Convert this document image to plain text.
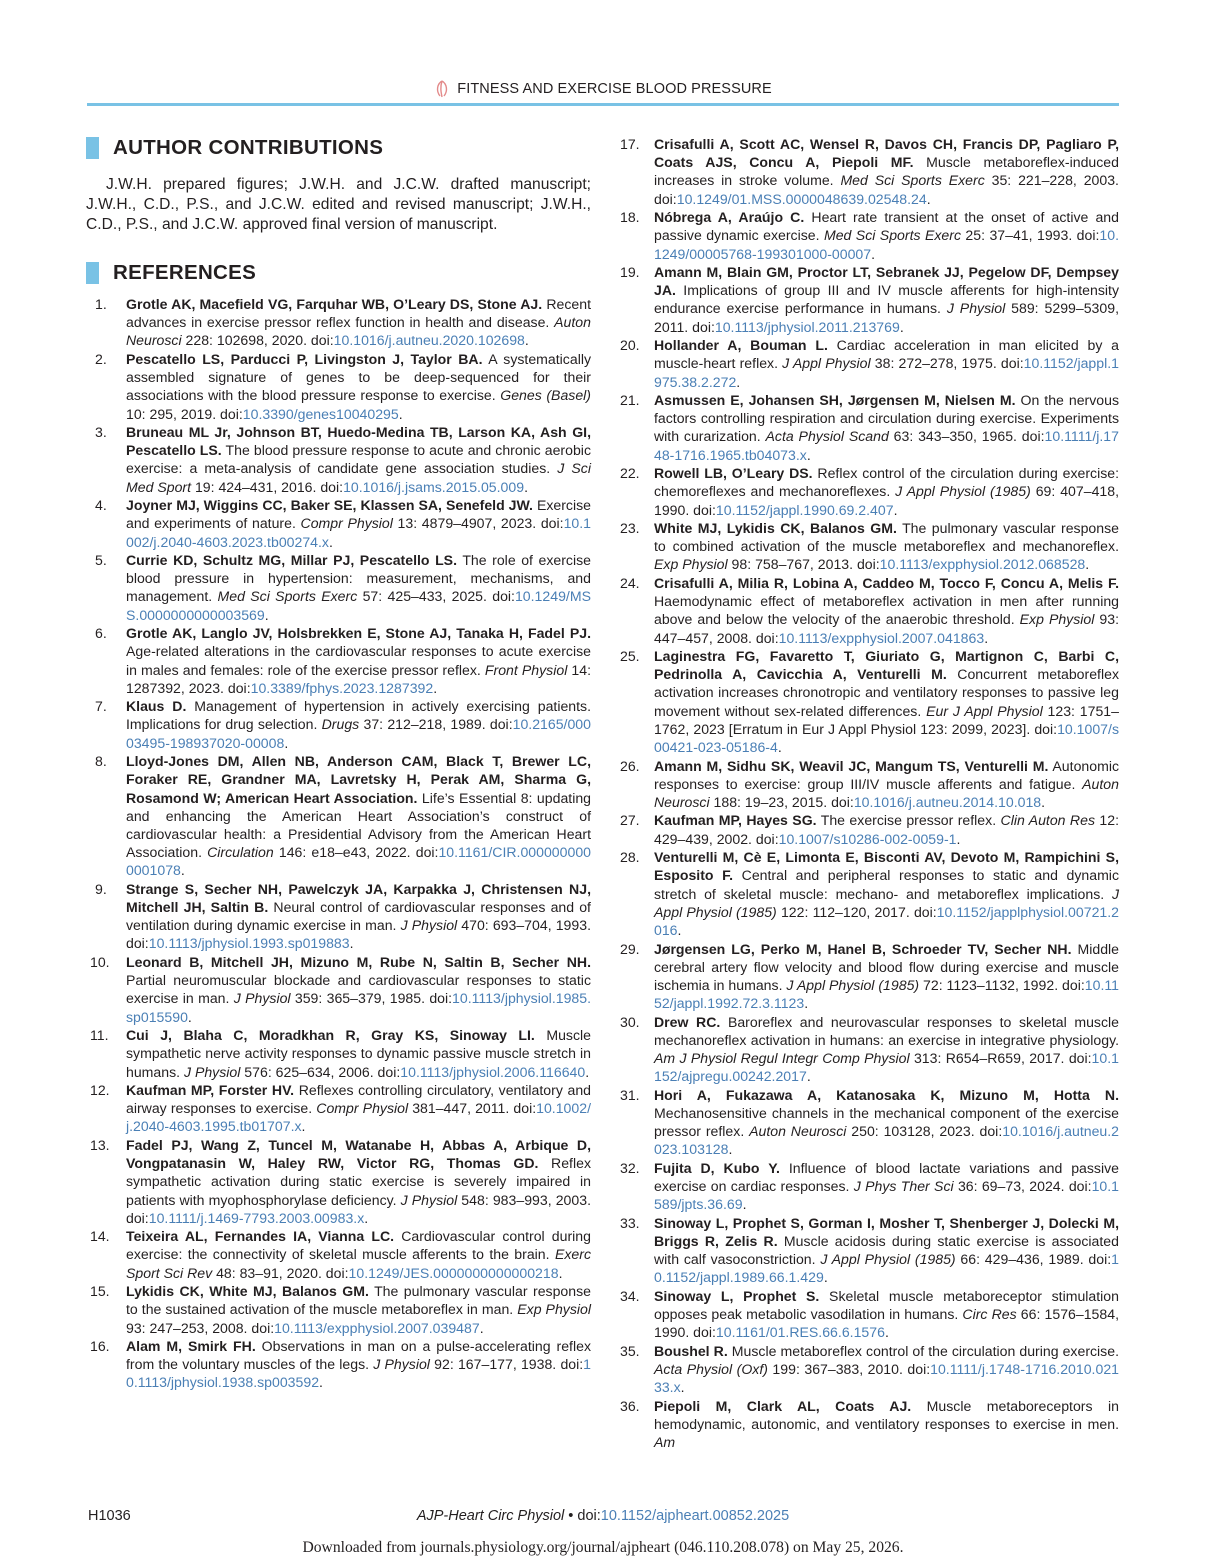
FITNESS AND EXERCISE BLOOD PRESSURE
AUTHOR CONTRIBUTIONS

J.W.H. prepared figures; J.W.H. and J.C.W. drafted manuscript; J.W.H., C.D., P.S., and J.C.W. edited and revised manuscript; J.W.H., C.D., P.S., and J.C.W. approved final version of manuscript.

REFERENCES
1. Grotle AK, Macefield VG, Farquhar WB, O’Leary DS, Stone AJ. Recent advances in exercise pressor reflex function in health and disease. Auton Neurosci 228: 102698, 2020. doi:10.1016/j.autneu.2020.102698.
2. Pescatello LS, Parducci P, Livingston J, Taylor BA. A systematically assembled signature of genes to be deep-sequenced for their associations with the blood pressure response to exercise. Genes (Basel) 10: 295, 2019. doi:10.3390/genes10040295.
3. Bruneau ML Jr, Johnson BT, Huedo-Medina TB, Larson KA, Ash GI, Pescatello LS. The blood pressure response to acute and chronic aerobic exercise: a meta-analysis of candidate gene association studies. J Sci Med Sport 19: 424–431, 2016. doi:10.1016/j.jsams.2015.05.009.
4. Joyner MJ, Wiggins CC, Baker SE, Klassen SA, Senefeld JW. Exercise and experiments of nature. Compr Physiol 13: 4879–4907, 2023. doi:10.1002/j.2040-4603.2023.tb00274.x.
5. Currie KD, Schultz MG, Millar PJ, Pescatello LS. The role of exercise blood pressure in hypertension: measurement, mechanisms, and management. Med Sci Sports Exerc 57: 425–433, 2025. doi:10.1249/MSS.0000000000003569.
6. Grotle AK, Langlo JV, Holsbrekken E, Stone AJ, Tanaka H, Fadel PJ. Age-related alterations in the cardiovascular responses to acute exercise in males and females: role of the exercise pressor reflex. Front Physiol 14: 1287392, 2023. doi:10.3389/fphys.2023.1287392.
7. Klaus D. Management of hypertension in actively exercising patients. Implications for drug selection. Drugs 37: 212–218, 1989. doi:10.2165/00003495-198937020-00008.
8. Lloyd-Jones DM, Allen NB, Anderson CAM, Black T, Brewer LC, Foraker RE, Grandner MA, Lavretsky H, Perak AM, Sharma G, Rosamond W; American Heart Association. Life’s Essential 8: updating and enhancing the American Heart Association’s construct of cardiovascular health: a Presidential Advisory from the American Heart Association. Circulation 146: e18–e43, 2022. doi:10.1161/CIR.0000000000001078.
9. Strange S, Secher NH, Pawelczyk JA, Karpakka J, Christensen NJ, Mitchell JH, Saltin B. Neural control of cardiovascular responses and of ventilation during dynamic exercise in man. J Physiol 470: 693–704, 1993. doi:10.1113/jphysiol.1993.sp019883.
10. Leonard B, Mitchell JH, Mizuno M, Rube N, Saltin B, Secher NH. Partial neuromuscular blockade and cardiovascular responses to static exercise in man. J Physiol 359: 365–379, 1985. doi:10.1113/jphysiol.1985.sp015590.
11. Cui J, Blaha C, Moradkhan R, Gray KS, Sinoway LI. Muscle sympathetic nerve activity responses to dynamic passive muscle stretch in humans. J Physiol 576: 625–634, 2006. doi:10.1113/jphysiol.2006.116640.
12. Kaufman MP, Forster HV. Reflexes controlling circulatory, ventilatory and airway responses to exercise. Compr Physiol 381–447, 2011. doi:10.1002/j.2040-4603.1995.tb01707.x.
13. Fadel PJ, Wang Z, Tuncel M, Watanabe H, Abbas A, Arbique D, Vongpatanasin W, Haley RW, Victor RG, Thomas GD. Reflex sympathetic activation during static exercise is severely impaired in patients with myophosphorylase deficiency. J Physiol 548: 983–993, 2003. doi:10.1111/j.1469-7793.2003.00983.x.
14. Teixeira AL, Fernandes IA, Vianna LC. Cardiovascular control during exercise: the connectivity of skeletal muscle afferents to the brain. Exerc Sport Sci Rev 48: 83–91, 2020. doi:10.1249/JES.0000000000000218.
15. Lykidis CK, White MJ, Balanos GM. The pulmonary vascular response to the sustained activation of the muscle metaboreflex in man. Exp Physiol 93: 247–253, 2008. doi:10.1113/expphysiol.2007.039487.
16. Alam M, Smirk FH. Observations in man on a pulse-accelerating reflex from the voluntary muscles of the legs. J Physiol 92: 167–177, 1938. doi:10.1113/jphysiol.1938.sp003592.
17. Crisafulli A, Scott AC, Wensel R, Davos CH, Francis DP, Pagliaro P, Coats AJS, Concu A, Piepoli MF. Muscle metaboreflex-induced increases in stroke volume. Med Sci Sports Exerc 35: 221–228, 2003. doi:10.1249/01.MSS.0000048639.02548.24.
18. Nóbrega A, Araújo C. Heart rate transient at the onset of active and passive dynamic exercise. Med Sci Sports Exerc 25: 37–41, 1993. doi:10.1249/00005768-199301000-00007.
19. Amann M, Blain GM, Proctor LT, Sebranek JJ, Pegelow DF, Dempsey JA. Implications of group III and IV muscle afferents for high-intensity endurance exercise performance in humans. J Physiol 589: 5299–5309, 2011. doi:10.1113/jphysiol.2011.213769.
20. Hollander A, Bouman L. Cardiac acceleration in man elicited by a muscle-heart reflex. J Appl Physiol 38: 272–278, 1975. doi:10.1152/jappl.1975.38.2.272.
21. Asmussen E, Johansen SH, Jørgensen M, Nielsen M. On the nervous factors controlling respiration and circulation during exercise. Experiments with curarization. Acta Physiol Scand 63: 343–350, 1965. doi:10.1111/j.1748-1716.1965.tb04073.x.
22. Rowell LB, O’Leary DS. Reflex control of the circulation during exercise: chemoreflexes and mechanoreflexes. J Appl Physiol (1985) 69: 407–418, 1990. doi:10.1152/jappl.1990.69.2.407.
23. White MJ, Lykidis CK, Balanos GM. The pulmonary vascular response to combined activation of the muscle metaboreflex and mechanoreflex. Exp Physiol 98: 758–767, 2013. doi:10.1113/expphysiol.2012.068528.
24. Crisafulli A, Milia R, Lobina A, Caddeo M, Tocco F, Concu A, Melis F. Haemodynamic effect of metaboreflex activation in men after running above and below the velocity of the anaerobic threshold. Exp Physiol 93: 447–457, 2008. doi:10.1113/expphysiol.2007.041863.
25. Laginestra FG, Favaretto T, Giuriato G, Martignon C, Barbi C, Pedrinolla A, Cavicchia A, Venturelli M. Concurrent metaboreflex activation increases chronotropic and ventilatory responses to passive leg movement without sex-related differences. Eur J Appl Physiol 123: 1751–1762, 2023 [Erratum in Eur J Appl Physiol 123: 2099, 2023]. doi:10.1007/s00421-023-05186-4.
26. Amann M, Sidhu SK, Weavil JC, Mangum TS, Venturelli M. Autonomic responses to exercise: group III/IV muscle afferents and fatigue. Auton Neurosci 188: 19–23, 2015. doi:10.1016/j.autneu.2014.10.018.
27. Kaufman MP, Hayes SG. The exercise pressor reflex. Clin Auton Res 12: 429–439, 2002. doi:10.1007/s10286-002-0059-1.
28. Venturelli M, Cè E, Limonta E, Bisconti AV, Devoto M, Rampichini S, Esposito F. Central and peripheral responses to static and dynamic stretch of skeletal muscle: mechano- and metaboreflex implications. J Appl Physiol (1985) 122: 112–120, 2017. doi:10.1152/japplphysiol.00721.2016.
29. Jørgensen LG, Perko M, Hanel B, Schroeder TV, Secher NH. Middle cerebral artery flow velocity and blood flow during exercise and muscle ischemia in humans. J Appl Physiol (1985) 72: 1123–1132, 1992. doi:10.1152/jappl.1992.72.3.1123.
30. Drew RC. Baroreflex and neurovascular responses to skeletal muscle mechanoreflex activation in humans: an exercise in integrative physiology. Am J Physiol Regul Integr Comp Physiol 313: R654–R659, 2017. doi:10.1152/ajpregu.00242.2017.
31. Hori A, Fukazawa A, Katanosaka K, Mizuno M, Hotta N. Mechanosensitive channels in the mechanical component of the exercise pressor reflex. Auton Neurosci 250: 103128, 2023. doi:10.1016/j.autneu.2023.103128.
32. Fujita D, Kubo Y. Influence of blood lactate variations and passive exercise on cardiac responses. J Phys Ther Sci 36: 69–73, 2024. doi:10.1589/jpts.36.69.
33. Sinoway L, Prophet S, Gorman I, Mosher T, Shenberger J, Dolecki M, Briggs R, Zelis R. Muscle acidosis during static exercise is associated with calf vasoconstriction. J Appl Physiol (1985) 66: 429–436, 1989. doi:10.1152/jappl.1989.66.1.429.
34. Sinoway L, Prophet S. Skeletal muscle metaboreceptor stimulation opposes peak metabolic vasodilation in humans. Circ Res 66: 1576–1584, 1990. doi:10.1161/01.RES.66.6.1576.
35. Boushel R. Muscle metaboreflex control of the circulation during exercise. Acta Physiol (Oxf) 199: 367–383, 2010. doi:10.1111/j.1748-1716.2010.02133.x.
36. Piepoli M, Clark AL, Coats AJ. Muscle metaboreceptors in hemodynamic, autonomic, and ventilatory responses to exercise in men. Am
H1036	AJP-Heart Circ Physiol • doi:10.1152/ajpheart.00852.2025
Downloaded from journals.physiology.org/journal/ajpheart (046.110.208.078) on May 25, 2026.
